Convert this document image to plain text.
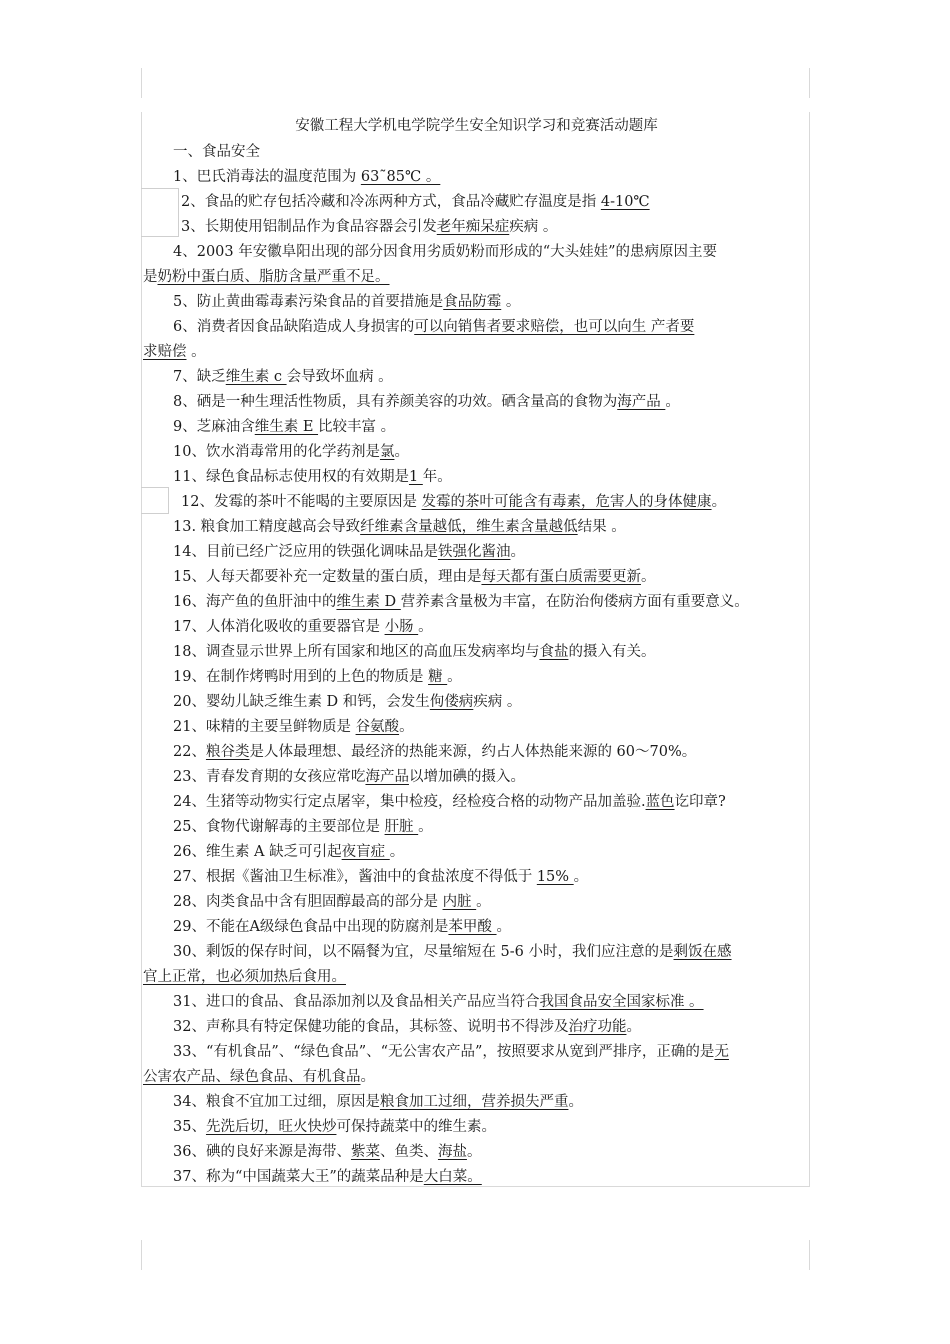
安徽工程大学机电学院学生安全知识学习和竞赛活动题库
一、食品安全
1、巴氏消毒法的温度范围为 63˜85℃ 。
2、食品的贮存包括冷藏和冷冻两种方式，食品冷藏贮存温度是指 4-10℃
3、长期使用铝制品作为食品容器会引发老年痴呆症疾病 。
4、2003 年安徽阜阳出现的部分因食用劣质奶粉而形成的“大头娃娃”的患病原因主要
是奶粉中蛋白质、脂肪含量严重不足。
5、防止黄曲霉毒素污染食品的首要措施是食品防霉 。
6、消费者因食品缺陷造成人身损害的可以向销售者要求赔偿，也可以向生 产者要
求赔偿 。
7、缺乏维生素 c 会导致坏血病 。
8、硒是一种生理活性物质，具有养颜美容的功效。硒含量高的食物为海产品 。
9、芝麻油含维生素 E 比较丰富 。
10、饮水消毒常用的化学药剂是氯。
11、绿色食品标志使用权的有效期是1 年。
12、发霉的茶叶不能喝的主要原因是 发霉的茶叶可能含有毒素，危害人的身体健康。
13. 粮食加工精度越高会导致纤维素含量越低，维生素含量越低结果 。
14、目前已经广泛应用的铁强化调味品是铁强化酱油。
15、人每天都要补充一定数量的蛋白质，理由是每天都有蛋白质需要更新。
16、海产鱼的鱼肝油中的维生素 D 营养素含量极为丰富，在防治佝偻病方面有重要意义。
17、人体消化吸收的重要器官是 小肠 。
18、调查显示世界上所有国家和地区的高血压发病率均与食盐的摄入有关。
19、在制作烤鸭时用到的上色的物质是 糖 。
20、婴幼儿缺乏维生素 D 和钙，会发生佝偻病疾病 。
21、味精的主要呈鲜物质是 谷氨酸。
22、粮谷类是人体最理想、最经济的热能来源，约占人体热能来源的 60～70%。
23、青春发育期的女孩应常吃海产品以增加碘的摄入。
24、生猪等动物实行定点屠宰，集中检疫，经检疫合格的动物产品加盖验.蓝色讫印章?
25、食物代谢解毒的主要部位是 肝脏 。
26、维生素 A 缺乏可引起夜盲症 。
27、根据《酱油卫生标准》，酱油中的食盐浓度不得低于 15% 。
28、肉类食品中含有胆固醇最高的部分是 内脏 。
29、不能在A级绿色食品中出现的防腐剂是苯甲酸 。
30、剩饭的保存时间，以不隔餐为宜，尽量缩短在 5-6 小时，我们应注意的是剩饭在感
官上正常，也必须加热后食用。
31、进口的食品、食品添加剂以及食品相关产品应当符合我国食品安全国家标准 。
32、声称具有特定保健功能的食品，其标签、说明书不得涉及治疗功能。
33、“有机食品”、“绿色食品”、“无公害农产品”，按照要求从宽到严排序，正确的是无
公害农产品、绿色食品、有机食品。
34、粮食不宜加工过细，原因是粮食加工过细，营养损失严重。
35、先洗后切，旺火快炒可保持蔬菜中的维生素。
36、碘的良好来源是海带、紫菜、鱼类、海盐。
37、称为“中国蔬菜大王”的蔬菜品种是大白菜。
